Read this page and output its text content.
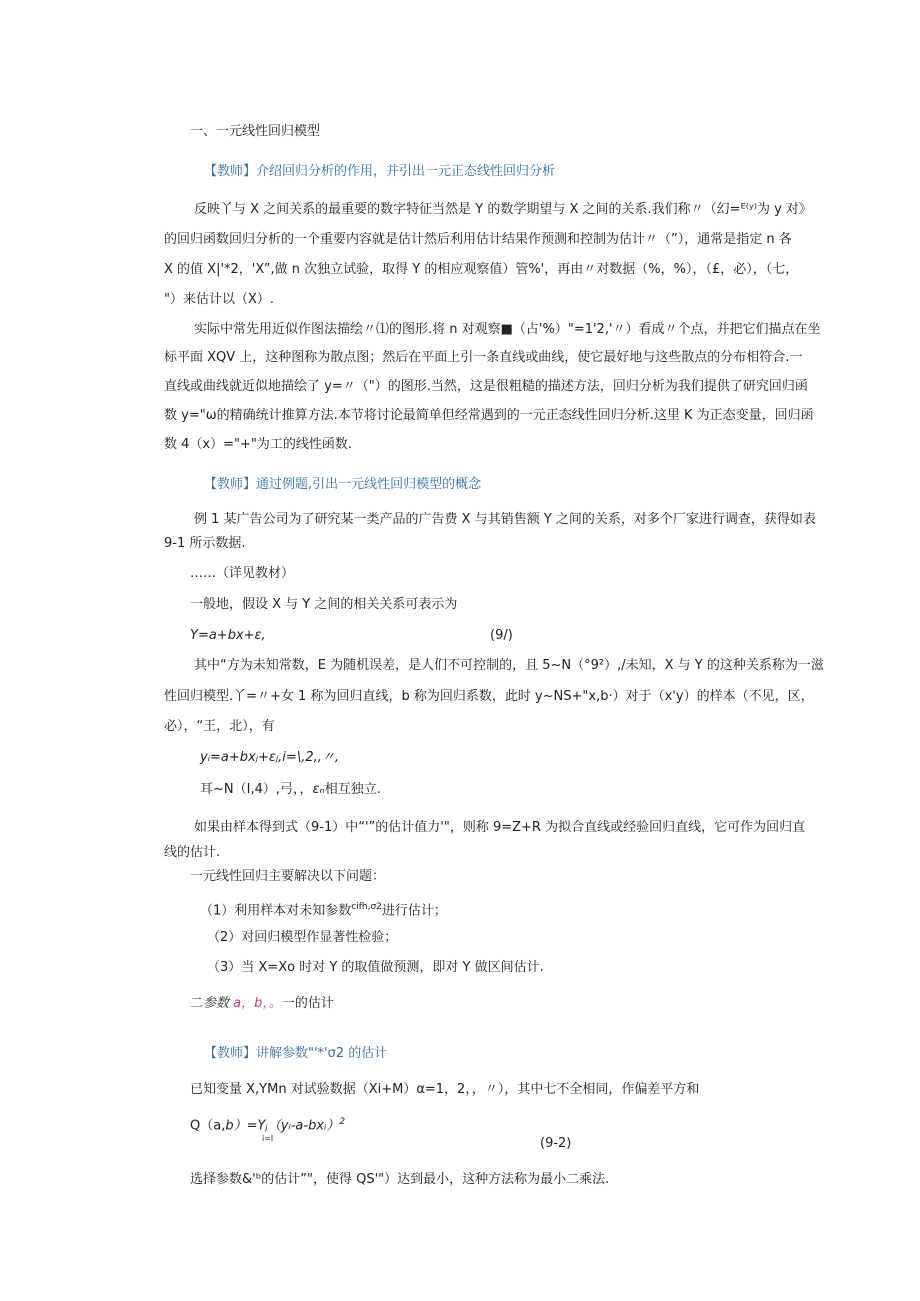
一、一元线性回归模型
【教师】介绍回归分析的作用，并引出一元正态线性回归分析
反映丫与 X 之间关系的最重要的数字特征当然是 Y 的数学期望与 X 之间的关系.我们称〃（幻=ᴱ⁽ʸ⁾为 y 对》
的回归函数回归分析的一个重要内容就是估计然后利用估计结果作预测和控制为估计〃（”），通常是指定 n 各
X 的值 X|'*2，'X”,做 n 次独立试验，取得 Y 的相应观察值）管%'，再由〃对数据（%，%），（£，必），（七，
"）来估计以（X）.
实际中常先用近似作图法描绘〃⑴的图形.将 n 对观察■（占'%）"=1'2,'〃）看成〃个点，并把它们描点在坐
标平面 XQV 上，这种图称为散点图；然后在平面上引一条直线或曲线，使它最好地与这些散点的分布相符合.一
直线或曲线就近似地描绘了 y=〃（"）的图形.当然，这是很粗糙的描述方法，回归分析为我们提供了研究回归函
数 y="ω的精确统计推算方法.本节将讨论最简单但经常遇到的一元正态线性回归分析.这里 K 为正态变量，回归函
数 4（x）="+"为工的线性函数.
【教师】通过例题,引出一元线性回归模型的概念
例 1 某广告公司为了研究某一类产品的广告费 X 与其销售额 Y 之间的关系，对多个厂家进行调查，获得如表
9-1 所示数据.
……（详见教材）
一般地，假设 X 与 Y 之间的相关关系可表示为
Y=a+bx+ε,	(9/)
其中“方为未知常数，E 为随机误差，是人们不可控制的，且 5~N（°9²）,/未知，X 与 Y 的这种关系称为一滋
性回归模型.丫=〃+女 1 称为回归直线，b 称为回归系数，此时 y~NS+"x,b·）对于（x'y）的样本（不见，区，
必），“王，北），有
yᵢ=a+bxⱼ+εⱼ,i=\,2,,〃,
耳~N（I,4）,弓，，εₙ相互独立.
如果由样本得到式（9-1）中“'”的估计值力'"，则称 9=Z+R 为拟合直线或经验回归直线，它可作为回归直
线的估计.
一元线性回归主要解决以下问题：
（1）利用样本对未知参数$^{cifh,\sigma 2}$进行估计；
（2）对回归模型作显著性检验；
（3）当 X=Xo 时对 Y 的取值做预测，即对 Y 做区间估计.
二参数 a，b，。一的估计
【教师】讲解参数"'*'σ2 的估计
已知变量 X,YMn 对试验数据（Xi+M）α=1，2，，〃），其中七不全相同，作偏差平方和
Q（a,b）=Yⱼ（yᵢ-a-bxᵢ）$^2$
i=l	(9-2)
选择参数&'ᵇ的估计”"，使得 QS'"）达到最小，这种方法称为最小二乘法.
